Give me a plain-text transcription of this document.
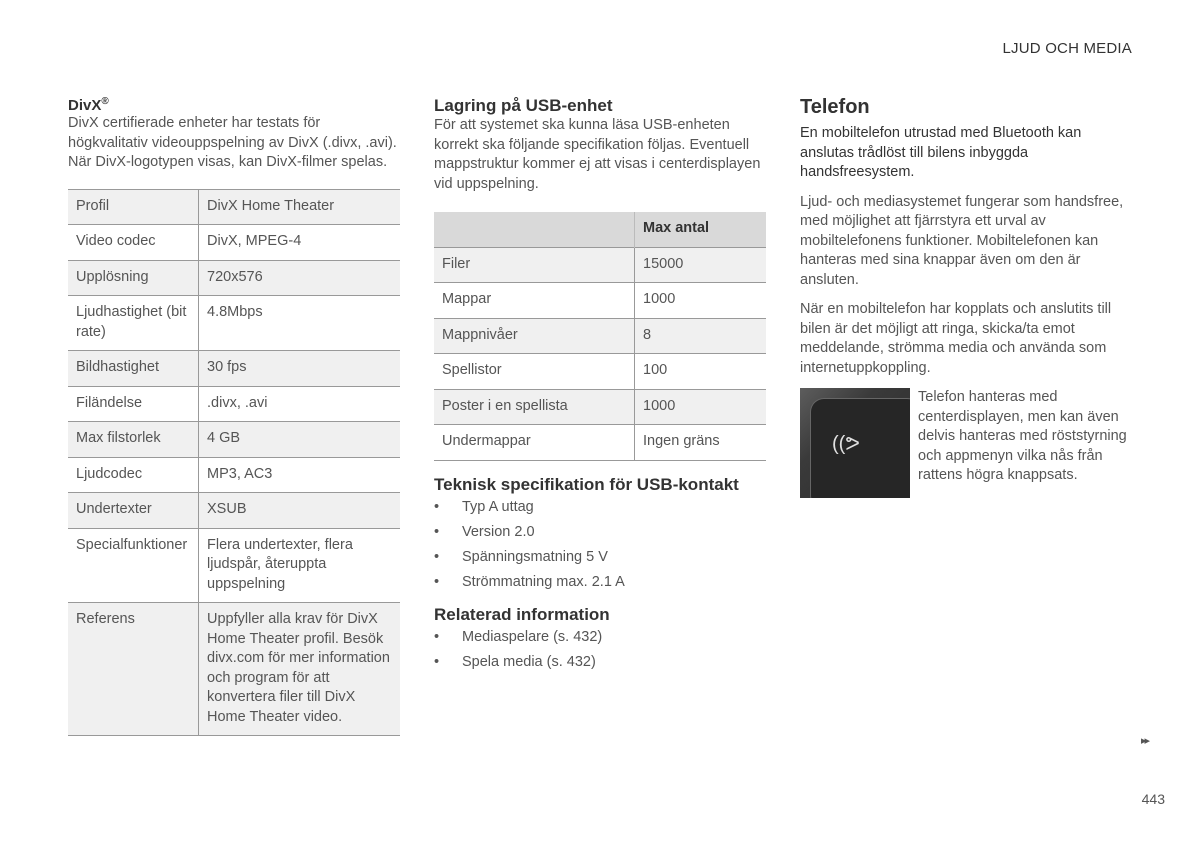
LJUD OCH MEDIA
DivX®

DivX certifierade enheter har testats för högkvalitativ videouppspelning av DivX (.divx, .avi). När DivX-logotypen visas, kan DivX-filmer spelas.

Profil	DivX Home Theater
Video codec	DivX, MPEG-4
Upplösning	720x576
Ljudhastighet (bit rate)	4.8Mbps
Bildhastighet	30 fps
Filändelse	.divx, .avi
Max filstorlek	4 GB
Ljudcodec	MP3, AC3
Undertexter	XSUB
Specialfunktioner	Flera undertexter, flera ljudspår, återuppta uppspelning
Referens	Uppfyller alla krav för DivX Home Theater profil. Besök divx.com för mer information och program för att konvertera filer till DivX Home Theater video.
Lagring på USB-enhet

För att systemet ska kunna läsa USB-enheten korrekt ska följande specifikation följas. Eventuell mappstruktur kommer ej att visas i centerdisplayen vid uppspelning.

	Max antal
Filer	15000
Mappar	1000
Mappnivåer	8
Spellistor	100
Poster i en spellista	1000
Undermappar	Ingen gräns
Teknisk specifikation för USB-kontakt
• Typ A uttag
• Version 2.0
• Spänningsmatning 5 V
• Strömmatning max. 2.1 A
Relaterad information
• Mediaspelare (s. 432)
• Spela media (s. 432)
Telefon

En mobiltelefon utrustad med Bluetooth kan anslutas trådlöst till bilens inbyggda handsfreesystem.

Ljud- och mediasystemet fungerar som handsfree, med möjlighet att fjärrstyra ett urval av mobiltelefonens funktioner. Mobiltelefonen kan hanteras med sina knappar även om den är ansluten.

När en mobiltelefon har kopplats och anslutits till bilen är det möjligt att ringa, skicka/ta emot meddelande, strömma media och använda som internetuppkoppling.

((ᕗ

Telefon hanteras med centerdisplayen, men kan även delvis hanteras med röststyrning och appmenyn vilka nås från rattens högra knappsats.

▸▸
443
